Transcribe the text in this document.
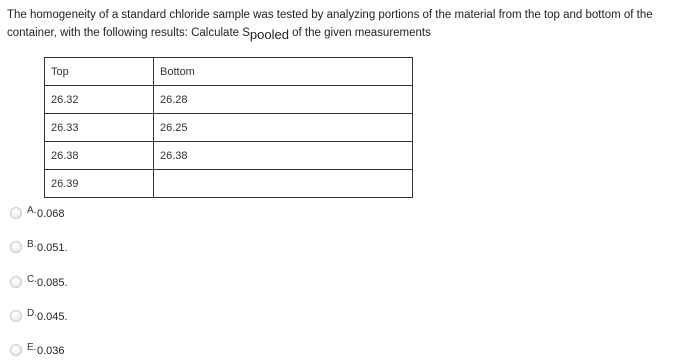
The homogeneity of a standard chloride sample was tested by analyzing portions of the material from the top and bottom of the container, with the following results: Calculate Spooled of the given measurements
Top	Bottom
26.32	26.28
26.33	26.25
26.38	26.38
26.39	
A. 0.068
B. 0.051.
C. 0.085.
D. 0.045.
E. 0.036
